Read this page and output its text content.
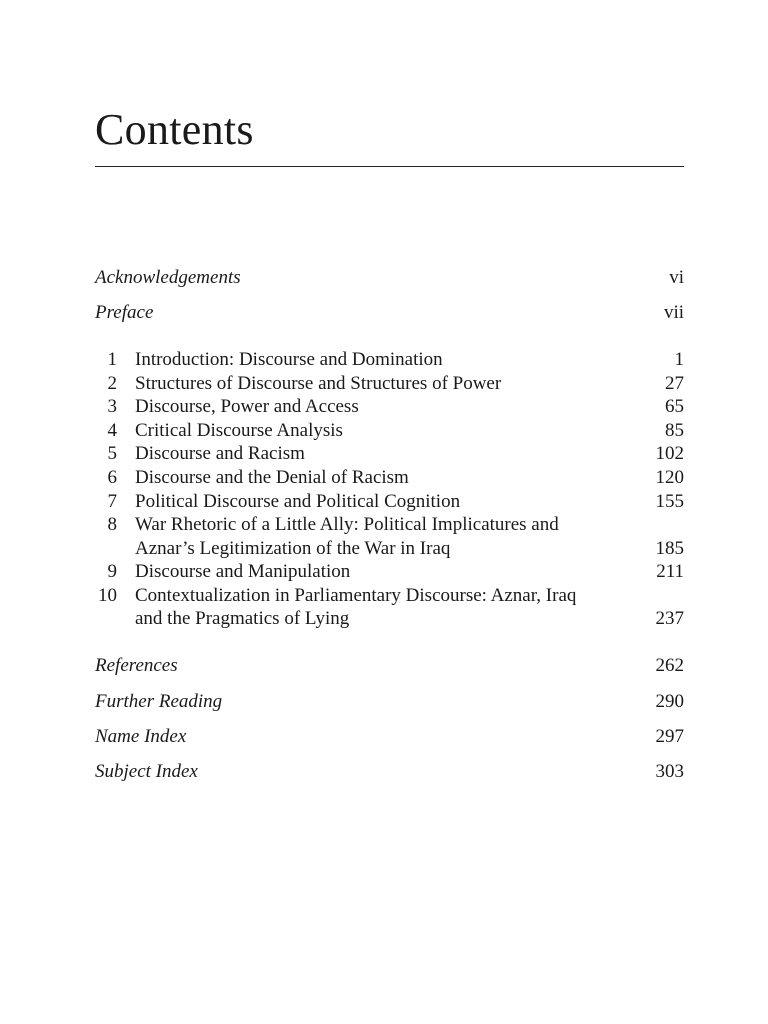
Contents
Acknowledgements	vi
Preface	vii
1 Introduction: Discourse and Domination	1
2 Structures of Discourse and Structures of Power	27
3 Discourse, Power and Access	65
4 Critical Discourse Analysis	85
5 Discourse and Racism	102
6 Discourse and the Denial of Racism	120
7 Political Discourse and Political Cognition	155
8 War Rhetoric of a Little Ally: Political Implicatures and
Aznar’s Legitimization of the War in Iraq	185
9 Discourse and Manipulation	211
10 Contextualization in Parliamentary Discourse: Aznar, Iraq
and the Pragmatics of Lying	237
References	262
Further Reading	290
Name Index	297
Subject Index	303
